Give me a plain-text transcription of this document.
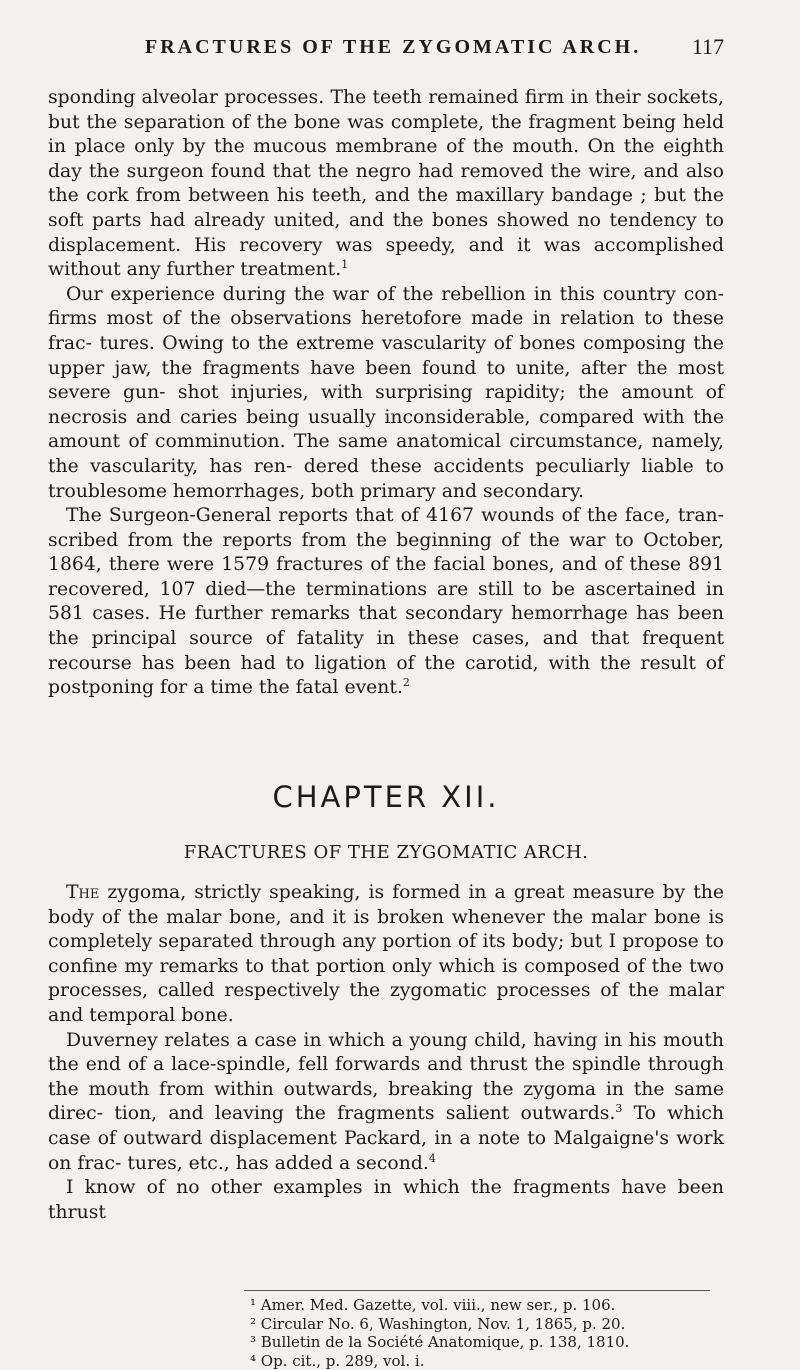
FRACTURES OF THE ZYGOMATIC ARCH. 117

sponding alveolar processes. The teeth remained firm in their sockets, but the separation of the bone was complete, the fragment being held in place only by the mucous membrane of the mouth. On the eighth day the surgeon found that the negro had removed the wire, and also the cork from between his teeth, and the maxillary bandage ; but the soft parts had already united, and the bones showed no tendency to displacement. His recovery was speedy, and it was accomplished without any further treatment.$^1$

Our experience during the war of the rebellion in this country con- firms most of the observations heretofore made in relation to these frac- tures. Owing to the extreme vascularity of bones composing the upper jaw, the fragments have been found to unite, after the most severe gun- shot injuries, with surprising rapidity; the amount of necrosis and caries being usually inconsiderable, compared with the amount of comminution. The same anatomical circumstance, namely, the vascularity, has ren- dered these accidents peculiarly liable to troublesome hemorrhages, both primary and secondary.

The Surgeon-General reports that of 4167 wounds of the face, tran- scribed from the reports from the beginning of the war to October, 1864, there were 1579 fractures of the facial bones, and of these 891 recovered, 107 died—the terminations are still to be ascertained in 581 cases. He further remarks that secondary hemorrhage has been the principal source of fatality in these cases, and that frequent recourse has been had to ligation of the carotid, with the result of postponing for a time the fatal event.$^2$

CHAPTER XII.
FRACTURES OF THE ZYGOMATIC ARCH.

The zygoma, strictly speaking, is formed in a great measure by the body of the malar bone, and it is broken whenever the malar bone is completely separated through any portion of its body; but I propose to confine my remarks to that portion only which is composed of the two processes, called respectively the zygomatic processes of the malar and temporal bone.

Duverney relates a case in which a young child, having in his mouth the end of a lace-spindle, fell forwards and thrust the spindle through the mouth from within outwards, breaking the zygoma in the same direc- tion, and leaving the fragments salient outwards.$^3$ To which case of outward displacement Packard, in a note to Malgaigne's work on frac- tures, etc., has added a second.$^4$

I know of no other examples in which the fragments have been thrust

¹ Amer. Med. Gazette, vol. viii., new ser., p. 106.
² Circular No. 6, Washington, Nov. 1, 1865, p. 20.
³ Bulletin de la Société Anatomique, p. 138, 1810.
⁴ Op. cit., p. 289, vol. i.
